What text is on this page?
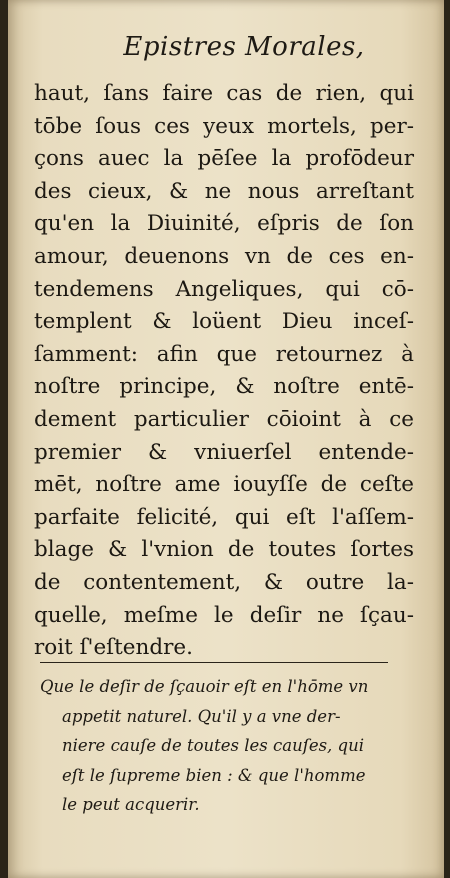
Epistres Morales,
haut, ſans faire cas de rien, qui
tōbe ſous ces yeux mortels, per-
çons auec la pēſee la profōdeur
des cieux, & ne nous arreſtant
qu'en la Diuinité, eſpris de ſon
amour, deuenons vn de ces en-
tendemens Angeliques, qui cō-
templent & loüent Dieu inceſ-
ſamment: afin que retournez à
noſtre principe, & noſtre entē-
dement particulier cōioint à ce
premier & vniuerſel entende-
mēt, noſtre ame iouyſſe de ceſte
parfaite felicité, qui eſt l'aſſem-
blage & l'vnion de toutes ſortes
de contentement, & outre la-
quelle, meſme le deſir ne ſçau-
roit ſ'eſtendre.
Que le deſir de ſçauoir eſt en l'hōme vn
appetit naturel. Qu'il y a vne der-
niere cauſe de toutes les cauſes, qui
eſt le ſupreme bien : & que l'homme
le peut acquerir.
